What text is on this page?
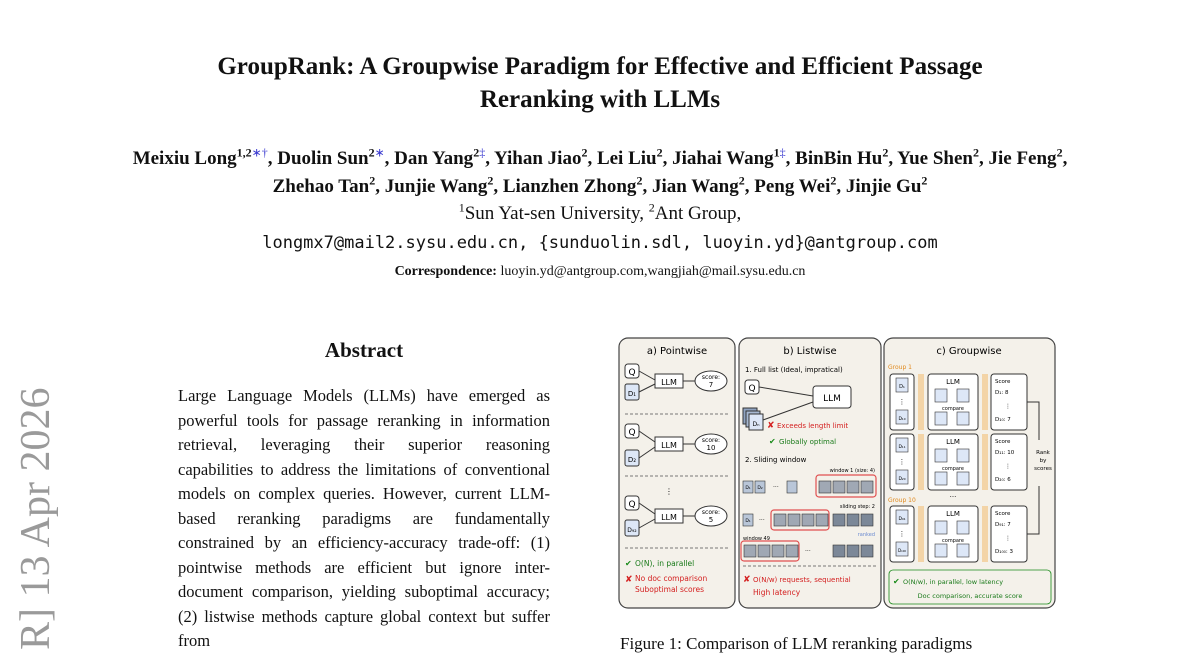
GroupRank: A Groupwise Paradigm for Effective and Efficient Passage
Reranking with LLMs
Meixiu Long$^{1,2∗\dagger}$, Duolin Sun$^{2∗}$, Dan Yang$^{2\ddagger}$, Yihan Jiao$^2$, Lei Liu$^2$, Jiahai Wang$^{1\ddagger}$, BinBin Hu$^2$, Yue Shen$^2$, Jie Feng$^2$,
Zhehao Tan$^2$, Junjie Wang$^2$, Lianzhen Zhong$^2$, Jian Wang$^2$, Peng Wei$^2$, Jinjie Gu$^2$
$^1$Sun Yat-sen University, $^2$Ant Group,
longmx7@mail2.sysu.edu.cn, {sunduolin.sdl, luoyin.yd}@antgroup.com
Correspondence: luoyin.yd@antgroup.com,wangjiah@mail.sysu.edu.cn
R] 13 Apr 2026
Abstract
Large Language Models (LLMs) have emerged as powerful tools for passage reranking in information retrieval, leveraging their superior reasoning capabilities to address the limitations of conventional models on complex queries. However, current LLM-based reranking paradigms are fundamentally constrained by an efficiency-accuracy trade-off: (1) pointwise methods are efficient but ignore inter-document comparison, yielding suboptimal accuracy; (2) listwise methods capture global context but suffer from
a) Pointwise	b) Listwise	c) Groupwise
Q
D₁
LLM
score:
7
Q
D₂
LLM
score:
10
⋮
Q
D₉₂
LLM
score:
5
✔ O(N), in parallel
✘ No doc comparison
Suboptimal scores
1. Full list (Ideal, impratical)
Q
LLM
Dₙ ✘ Exceeds length limit
✔ Globally optimal
2. Sliding window
window 1 (size: 4)
D₁ D₂ ···
sliding step: 2
D₁ ···
window 49
ranked
···
✘ O(N/w) requests, sequential
High latency
Group 1
D₁
⋮
D₁₀
LLM
compare
Score
D₁: 8
⋮
D₁₀: 7
D₁₁
⋮
D₂₀
LLM
compare
Score
D₁₁: 10
⋮
D₂₀: 6
···
Group 10
D₉₁
⋮
D₁₀₀
LLM
compare
Score
D₉₁: 7
⋮
D₁₀₀: 3
Rank
by
scores
✔ O(N/w), in parallel, low latency
Doc comparison, accurate score
Figure 1: Comparison of LLM reranking paradigms
